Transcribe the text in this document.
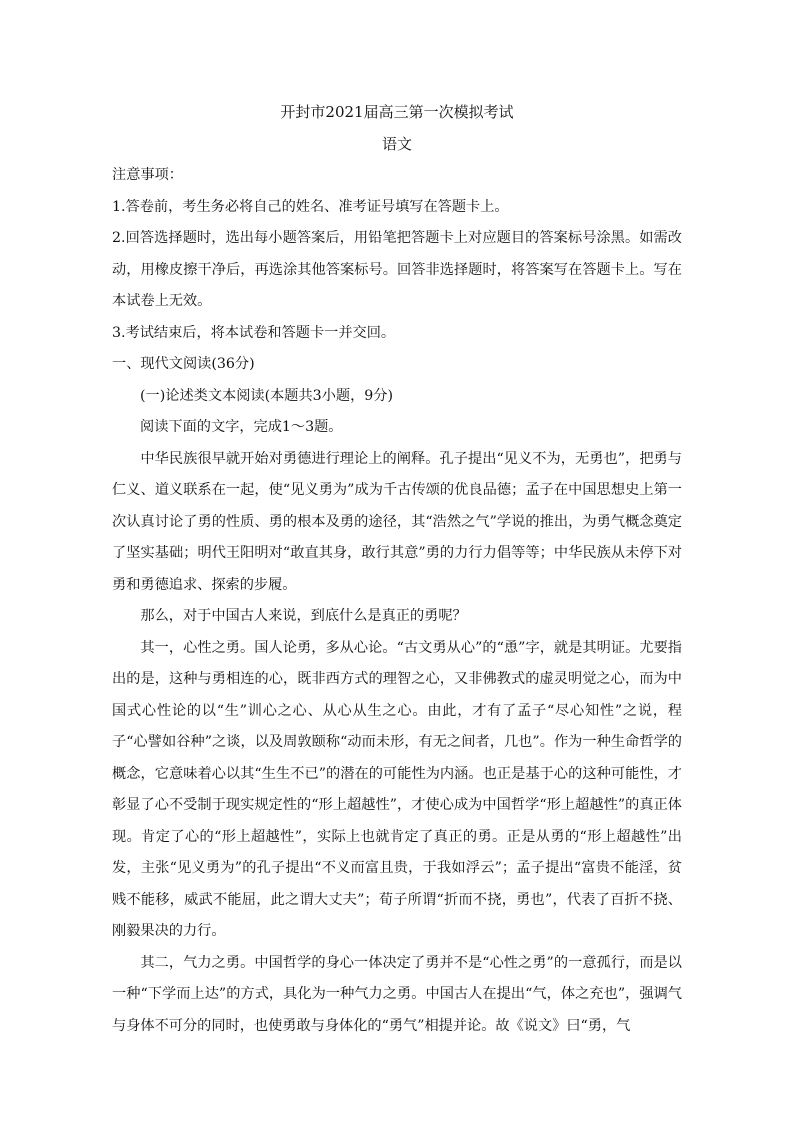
开封市2021届高三第一次模拟考试

语文

注意事项：

1.答卷前，考生务必将自己的姓名、准考证号填写在答题卡上。

2.回答选择题时，选出每小题答案后，用铅笔把答题卡上对应题目的答案标号涂黑。如需改动，用橡皮擦干净后，再选涂其他答案标号。回答非选择题时，将答案写在答题卡上。写在本试卷上无效。

3.考试结束后，将本试卷和答题卡一并交回。

一、现代文阅读(36分)

(一)论述类文本阅读(本题共3小题，9分)

阅读下面的文字，完成1～3题。

中华民族很早就开始对勇德进行理论上的阐释。孔子提出“见义不为，无勇也”，把勇与仁义、道义联系在一起，使“见义勇为”成为千古传颂的优良品德；孟子在中国思想史上第一次认真讨论了勇的性质、勇的根本及勇的途径，其“浩然之气”学说的推出，为勇气概念奠定了坚实基础；明代王阳明对“敢直其身，敢行其意”勇的力行力倡等等；中华民族从未停下对勇和勇德追求、探索的步履。

那么，对于中国古人来说，到底什么是真正的勇呢？

其一，心性之勇。国人论勇，多从心论。“古文勇从心”的“恿”字，就是其明证。尤要指出的是，这种与勇相连的心，既非西方式的理智之心，又非佛教式的虚灵明觉之心，而为中国式心性论的以“生”训心之心、从心从生之心。由此，才有了孟子“尽心知性”之说，程子“心譬如谷种”之谈，以及周敦颐称“动而未形，有无之间者，几也”。作为一种生命哲学的概念，它意味着心以其“生生不已”的潜在的可能性为内涵。也正是基于心的这种可能性，才彰显了心不受制于现实规定性的“形上超越性”，才使心成为中国哲学“形上超越性”的真正体现。肯定了心的“形上超越性”，实际上也就肯定了真正的勇。正是从勇的“形上超越性”出发，主张“见义勇为”的孔子提出“不义而富且贵，于我如浮云”；孟子提出“富贵不能淫，贫贱不能移，威武不能屈，此之谓大丈夫”；荀子所谓“折而不挠，勇也”，代表了百折不挠、刚毅果决的力行。

其二，气力之勇。中国哲学的身心一体决定了勇并不是“心性之勇”的一意孤行，而是以一种“下学而上达”的方式，具化为一种气力之勇。中国古人在提出“气，体之充也”，强调气与身体不可分的同时，也使勇敢与身体化的“勇气”相提并论。故《说文》曰“勇，气
